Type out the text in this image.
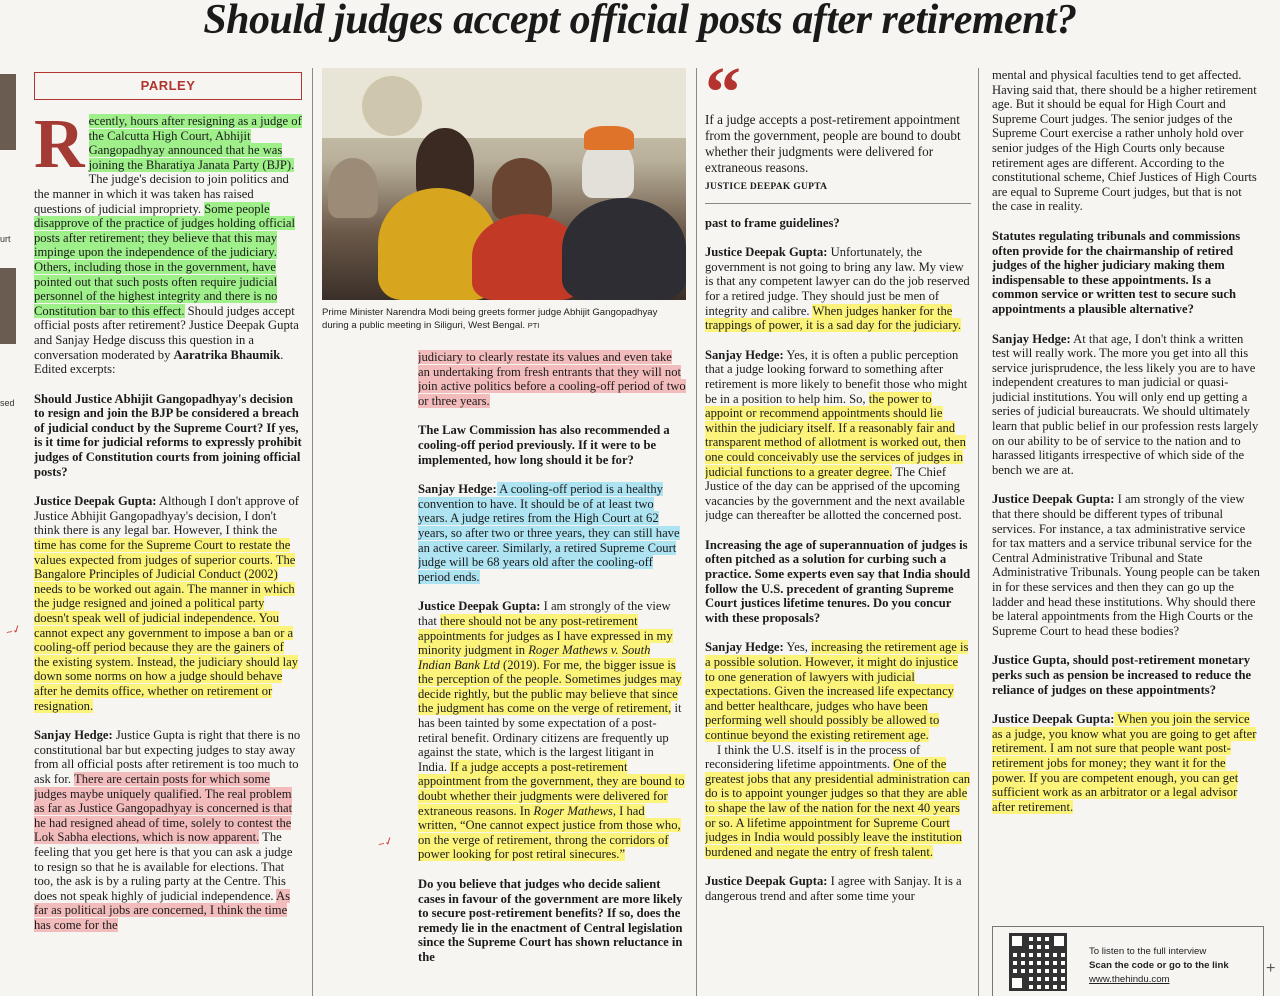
Should judges accept official posts after retirement?
urt
sed
PARLEY

Recently, hours after resigning as a judge of the Calcutta High Court, Abhijit Gangopadhyay announced that he was joining the Bharatiya Janata Party (BJP). The judge's decision to join politics and the manner in which it was taken has raised questions of judicial impropriety. Some people disapprove of the practice of judges holding official posts after retirement; they believe that this may impinge upon the independence of the judiciary. Others, including those in the government, have pointed out that such posts often require judicial personnel of the highest integrity and there is no Constitution bar to this effect. Should judges accept official posts after retirement? Justice Deepak Gupta and Sanjay Hedge discuss this question in a conversation moderated by Aaratrika Bhaumik. Edited excerpts:

Should Justice Abhijit Gangopadhyay's decision to resign and join the BJP be considered a breach of judicial conduct by the Supreme Court? If yes, is it time for judicial reforms to expressly prohibit judges of Constitution courts from joining official posts?

Justice Deepak Gupta: Although I don't approve of Justice Abhijit Gangopadhyay's decision, I don't think there is any legal bar. However, I think the time has come for the Supreme Court to restate the values expected from judges of superior courts. The Bangalore Principles of Judicial Conduct (2002) needs to be worked out again. The manner in which the judge resigned and joined a political party doesn't speak well of judicial independence. You cannot expect any government to impose a ban or a cooling-off period because they are the gainers of the existing system. Instead, the judiciary should lay down some norms on how a judge should behave after he demits office, whether on retirement or resignation.

Sanjay Hedge: Justice Gupta is right that there is no constitutional bar but expecting judges to stay away from all official posts after retirement is too much to ask for. There are certain posts for which some judges maybe uniquely qualified. The real problem as far as Justice Gangopadhyay is concerned is that he had resigned ahead of time, solely to contest the Lok Sabha elections, which is now apparent. The feeling that you get here is that you can ask a judge to resign so that he is available for elections. That too, the ask is by a ruling party at the Centre. This does not speak highly of judicial independence. As far as political jobs are concerned, I think the time has come for the

~✓
Prime Minister Narendra Modi being greets former judge Abhijit Gangopadhyay during a public meeting in Siliguri, West Bengal. PTI

judiciary to clearly restate its values and even take an undertaking from fresh entrants that they will not join active politics before a cooling-off period of two or three years.

The Law Commission has also recommended a cooling-off period previously. If it were to be implemented, how long should it be for?

Sanjay Hedge: A cooling-off period is a healthy convention to have. It should be of at least two years. A judge retires from the High Court at 62 years, so after two or three years, they can still have an active career. Similarly, a retired Supreme Court judge will be 68 years old after the cooling-off period ends.

Justice Deepak Gupta: I am strongly of the view that there should not be any post-retirement appointments for judges as I have expressed in my minority judgment in Roger Mathews v. South Indian Bank Ltd (2019). For me, the bigger issue is the perception of the people. Sometimes judges may decide rightly, but the public may believe that since the judgment has come on the verge of retirement, it has been tainted by some expectation of a post-retiral benefit. Ordinary citizens are frequently up against the state, which is the largest litigant in India. If a judge accepts a post-retirement appointment from the government, they are bound to doubt whether their judgments were delivered for extraneous reasons. In Roger Mathews, I had written, “One cannot expect justice from those who, on the verge of retirement, throng the corridors of power looking for post retiral sinecures.”

Do you believe that judges who decide salient cases in favour of the government are more likely to secure post-retirement benefits? If so, does the remedy lie in the enactment of Central legislation since the Supreme Court has shown reluctance in the

~✓
“
If a judge accepts a post-retirement appointment from the government, people are bound to doubt whether their judgments were delivered for extraneous reasons.
JUSTICE DEEPAK GUPTA

past to frame guidelines?

Justice Deepak Gupta: Unfortunately, the government is not going to bring any law. My view is that any competent lawyer can do the job reserved for a retired judge. They should just be men of integrity and calibre. When judges hanker for the trappings of power, it is a sad day for the judiciary.

Sanjay Hedge: Yes, it is often a public perception that a judge looking forward to something after retirement is more likely to benefit those who might be in a position to help him. So, the power to appoint or recommend appointments should lie within the judiciary itself. If a reasonably fair and transparent method of allotment is worked out, then one could conceivably use the services of judges in judicial functions to a greater degree. The Chief Justice of the day can be apprised of the upcoming vacancies by the government and the next available judge can thereafter be allotted the concerned post.

Increasing the age of superannuation of judges is often pitched as a solution for curbing such a practice. Some experts even say that India should follow the U.S. precedent of granting Supreme Court justices lifetime tenures. Do you concur with these proposals?

Sanjay Hedge: Yes, increasing the retirement age is a possible solution. However, it might do injustice to one generation of lawyers with judicial expectations. Given the increased life expectancy and better healthcare, judges who have been performing well should possibly be allowed to continue beyond the existing retirement age.

I think the U.S. itself is in the process of reconsidering lifetime appointments. One of the greatest jobs that any presidential administration can do is to appoint younger judges so that they are able to shape the law of the nation for the next 40 years or so. A lifetime appointment for Supreme Court judges in India would possibly leave the institution burdened and negate the entry of fresh talent.

Justice Deepak Gupta: I agree with Sanjay. It is a dangerous trend and after some time your

mental and physical faculties tend to get affected. Having said that, there should be a higher retirement age. But it should be equal for High Court and Supreme Court judges. The senior judges of the Supreme Court exercise a rather unholy hold over senior judges of the High Courts only because retirement ages are different. According to the constitutional scheme, Chief Justices of High Courts are equal to Supreme Court judges, but that is not the case in reality.

Statutes regulating tribunals and commissions often provide for the chairmanship of retired judges of the higher judiciary making them indispensable to these appointments. Is a common service or written test to secure such appointments a plausible alternative?

Sanjay Hedge: At that age, I don't think a written test will really work. The more you get into all this service jurisprudence, the less likely you are to have independent creatures to man judicial or quasi-judicial institutions. You will only end up getting a series of judicial bureaucrats. We should ultimately learn that public belief in our profession rests largely on our ability to be of service to the nation and to harassed litigants irrespective of which side of the bench we are at.

Justice Deepak Gupta: I am strongly of the view that there should be different types of tribunal services. For instance, a tax administrative service for tax matters and a service tribunal service for the Central Administrative Tribunal and State Administrative Tribunals. Young people can be taken in for these services and then they can go up the ladder and head these institutions. Why should there be lateral appointments from the High Courts or the Supreme Court to head these bodies?

Justice Gupta, should post-retirement monetary perks such as pension be increased to reduce the reliance of judges on these appointments?

Justice Deepak Gupta: When you join the service as a judge, you know what you are going to get after retirement. I am not sure that people want post-retirement jobs for money; they want it for the power. If you are competent enough, you can get sufficient work as an arbitrator or a legal advisor after retirement.

To listen to the full interview
Scan the code or go to the link
www.thehindu.com
+
